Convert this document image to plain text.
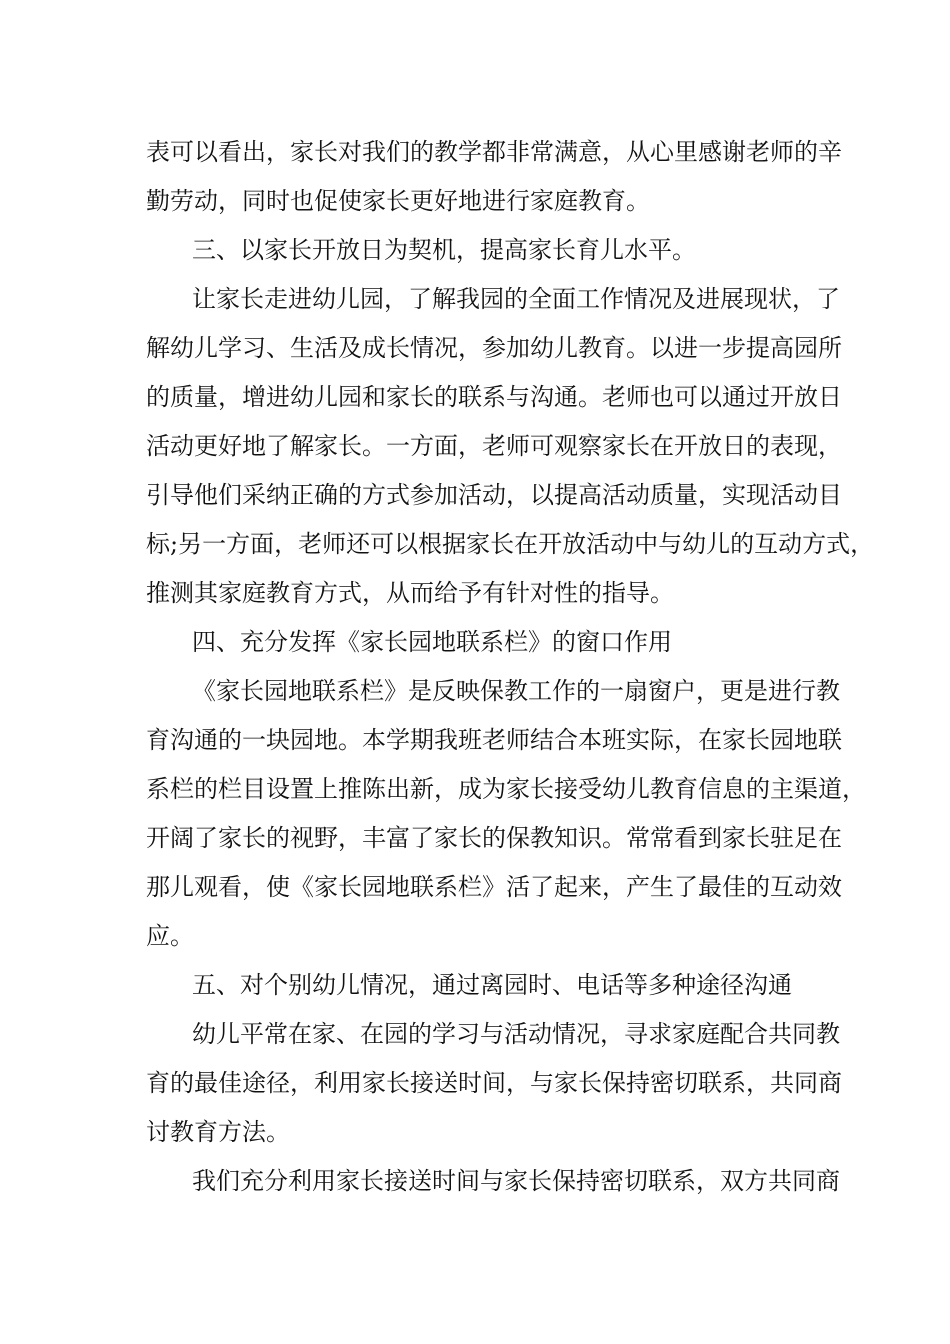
表可以看出，家长对我们的教学都非常满意，从心里感谢老师的辛
勤劳动，同时也促使家长更好地进行家庭教育。
三、以家长开放日为契机，提高家长育儿水平。
让家长走进幼儿园，了解我园的全面工作情况及进展现状，了
解幼儿学习、生活及成长情况，参加幼儿教育。以进一步提高园所
的质量，增进幼儿园和家长的联系与沟通。老师也可以通过开放日
活动更好地了解家长。一方面，老师可观察家长在开放日的表现，
引导他们采纳正确的方式参加活动，以提高活动质量，实现活动目
标;另一方面，老师还可以根据家长在开放活动中与幼儿的互动方式，
推测其家庭教育方式，从而给予有针对性的指导。
四、充分发挥《家长园地联系栏》的窗口作用
《家长园地联系栏》是反映保教工作的一扇窗户，更是进行教
育沟通的一块园地。本学期我班老师结合本班实际，在家长园地联
系栏的栏目设置上推陈出新，成为家长接受幼儿教育信息的主渠道，
开阔了家长的视野，丰富了家长的保教知识。常常看到家长驻足在
那儿观看，使《家长园地联系栏》活了起来，产生了最佳的互动效
应。
五、对个别幼儿情况，通过离园时、电话等多种途径沟通
幼儿平常在家、在园的学习与活动情况，寻求家庭配合共同教
育的最佳途径，利用家长接送时间，与家长保持密切联系，共同商
讨教育方法。
我们充分利用家长接送时间与家长保持密切联系，双方共同商
